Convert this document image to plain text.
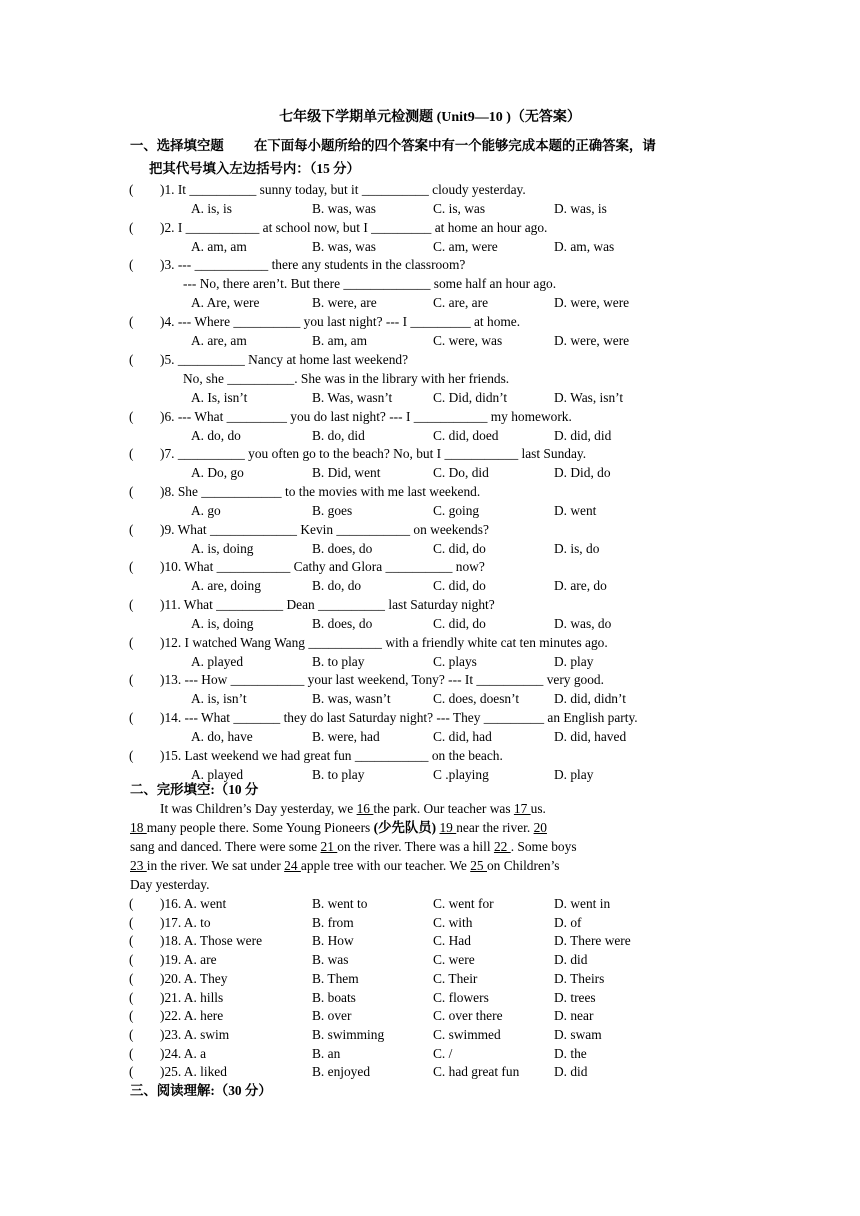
七年级下学期单元检测题 (Unit9—10 )（无答案）
一、选择填空题 在下面每小题所给的四个答案中有一个能够完成本题的正确答案，请
把其代号填入左边括号内：（15 分）
( )1. It __________ sunny today, but it __________ cloudy yesterday.
A. is, is	B. was, was	C. is, was	D. was, is
( )2. I ___________ at school now, but I _________ at home an hour ago.
A. am, am	B. was, was	C. am, were	D. am, was
( )3. --- ___________ there any students in the classroom?
--- No, there aren’t. But there _____________ some half an hour ago.
A. Are, were	B. were, are	C. are, are	D. were, were
( )4. --- Where __________ you last night? --- I _________ at home.
A. are, am	B. am, am	C. were, was	D. were, were
( )5. __________ Nancy at home last weekend?
No, she __________. She was in the library with her friends.
A. Is, isn’t	B. Was, wasn’t	C. Did, didn’t	D. Was, isn’t
( )6. --- What _________ you do last night? --- I ___________ my homework.
A. do, do	B. do, did	C. did, doed	D. did, did
( )7. __________ you often go to the beach? No, but I ___________ last Sunday.
A. Do, go	B. Did, went	C. Do, did	D. Did, do
( )8. She ____________ to the movies with me last weekend.
A. go	B. goes	C. going	D. went
( )9. What _____________ Kevin ___________ on weekends?
A. is, doing	B. does, do	C. did, do	D. is, do
( )10. What ___________ Cathy and Glora __________ now?
A. are, doing	B. do, do	C. did, do	D. are, do
( )11. What __________ Dean __________ last Saturday night?
A. is, doing	B. does, do	C. did, do	D. was, do
( )12. I watched Wang Wang ___________ with a friendly white cat ten minutes ago.
A. played	B. to play	C. plays	D. play
( )13. --- How ___________ your last weekend, Tony? --- It __________ very good.
A. is, isn’t	B. was, wasn’t	C. does, doesn’t	D. did, didn’t
( )14. --- What _______ they do last Saturday night? --- They _________ an English party.
A. do, have	B. were, had	C. did, had	D. did, haved
( )15. Last weekend we had great fun ___________ on the beach.
A. played	B. to play	C .playing	D. play
二、完形填空:（10 分
It was Children’s Day yesterday, we 16 the park. Our teacher was 17 us.
18 many people there. Some Young Pioneers (少先队员) 19 near the river. 20
sang and danced. There were some 21 on the river. There was a hill 22 . Some boys
23 in the river. We sat under 24 apple tree with our teacher. We 25 on Children’s
Day yesterday.
( )16. A. went	B. went to	C. went for	D. went in
( )17. A. to	B. from	C. with	D. of
( )18. A. Those were	B. How	C. Had	D. There were
( )19. A. are	B. was	C. were	D. did
( )20. A. They	B. Them	C. Their	D. Theirs
( )21. A. hills	B. boats	C. flowers	D. trees
( )22. A. here	B. over	C. over there	D. near
( )23. A. swim	B. swimming	C. swimmed	D. swam
( )24. A. a	B. an	C. /	D. the
( )25. A. liked	B. enjoyed	C. had great fun	D. did
三、阅读理解:（30 分）
